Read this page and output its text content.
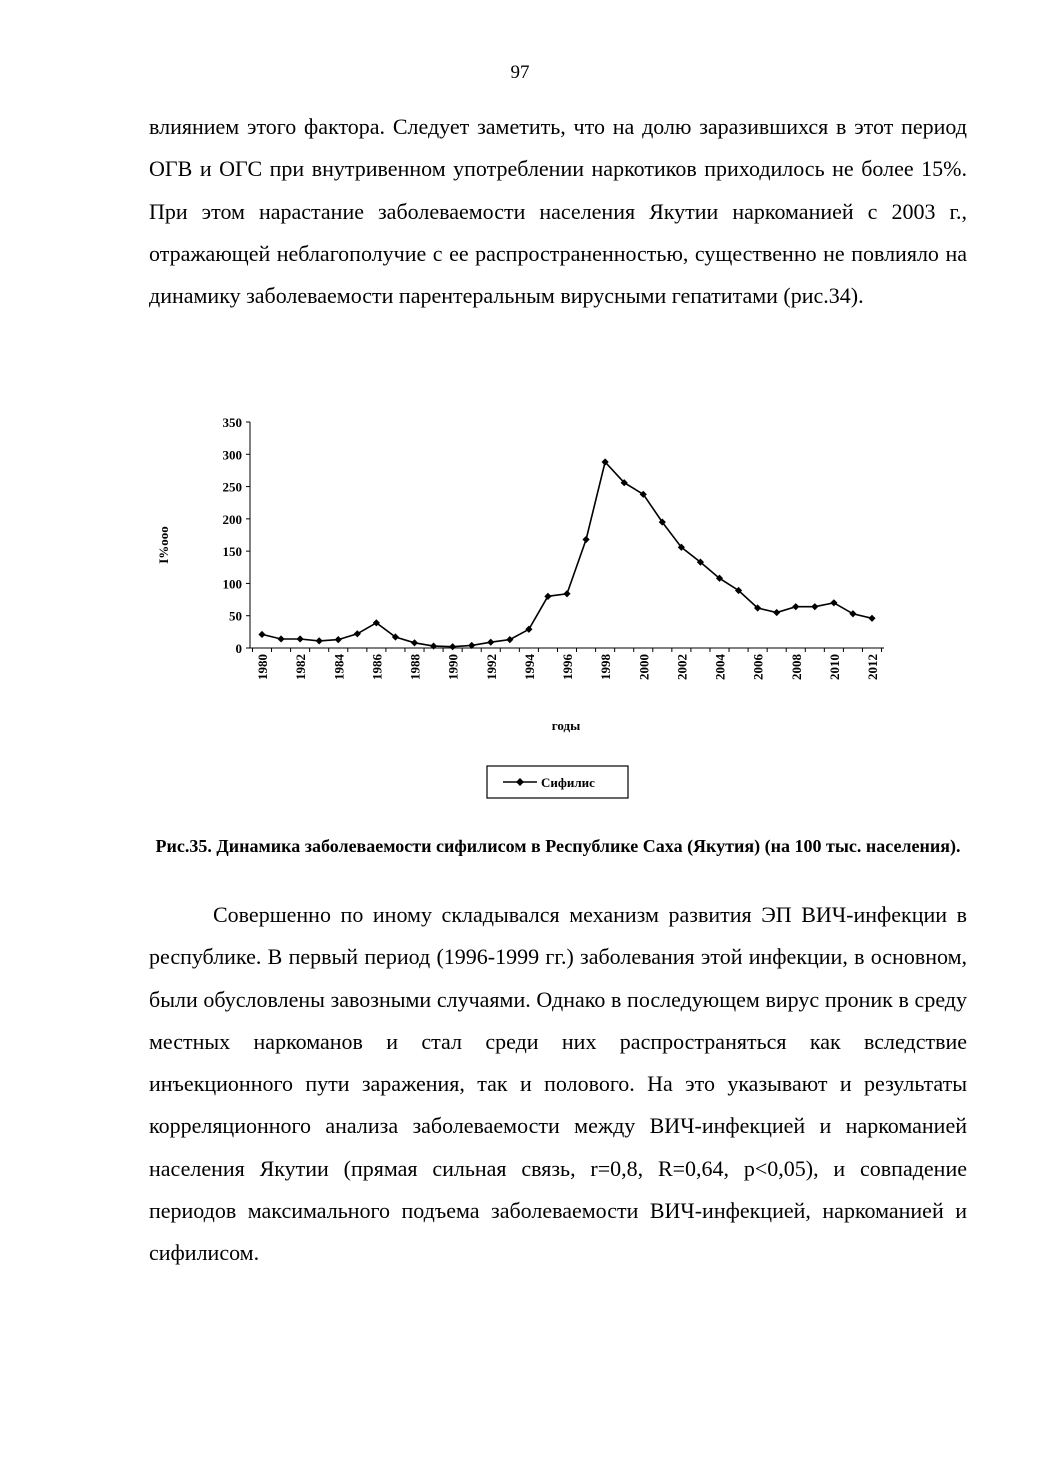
97

влиянием этого фактора. Следует заметить, что на долю заразившихся в этот период ОГВ и ОГС при внутривенном употреблении наркотиков приходилось не более 15%. При этом нарастание заболеваемости населения Якутии наркоманией с 2003 г., отражающей неблагополучие с ее распространенностью, существенно не повлияло на динамику заболеваемости парентеральным вирусными гепатитами (рис.34).

0
50
100
150
200
250
300
350
1980 1982 1984 1986 1988 1990 1992 1994 1996 1998 2000 2002 2004 2006 2008 2010 2012
I%ооо
годы
Сифилис

Рис.35. Динамика заболеваемости сифилисом в Республике Саха (Якутия) (на 100 тыс. населения).

Совершенно по иному складывался механизм развития ЭП ВИЧ-инфекции в республике. В первый период (1996-1999 гг.) заболевания этой инфекции, в основном, были обусловлены завозными случаями. Однако в последующем вирус проник в среду местных наркоманов и стал среди них распространяться как вследствие инъекционного пути заражения, так и полового. На это указывают и результаты корреляционного анализа заболеваемости между ВИЧ-инфекцией и наркоманией населения Якутии (прямая сильная связь, r=0,8, R=0,64, p<0,05), и совпадение периодов максимального подъема заболеваемости ВИЧ-инфекцией, наркоманией и сифилисом.
